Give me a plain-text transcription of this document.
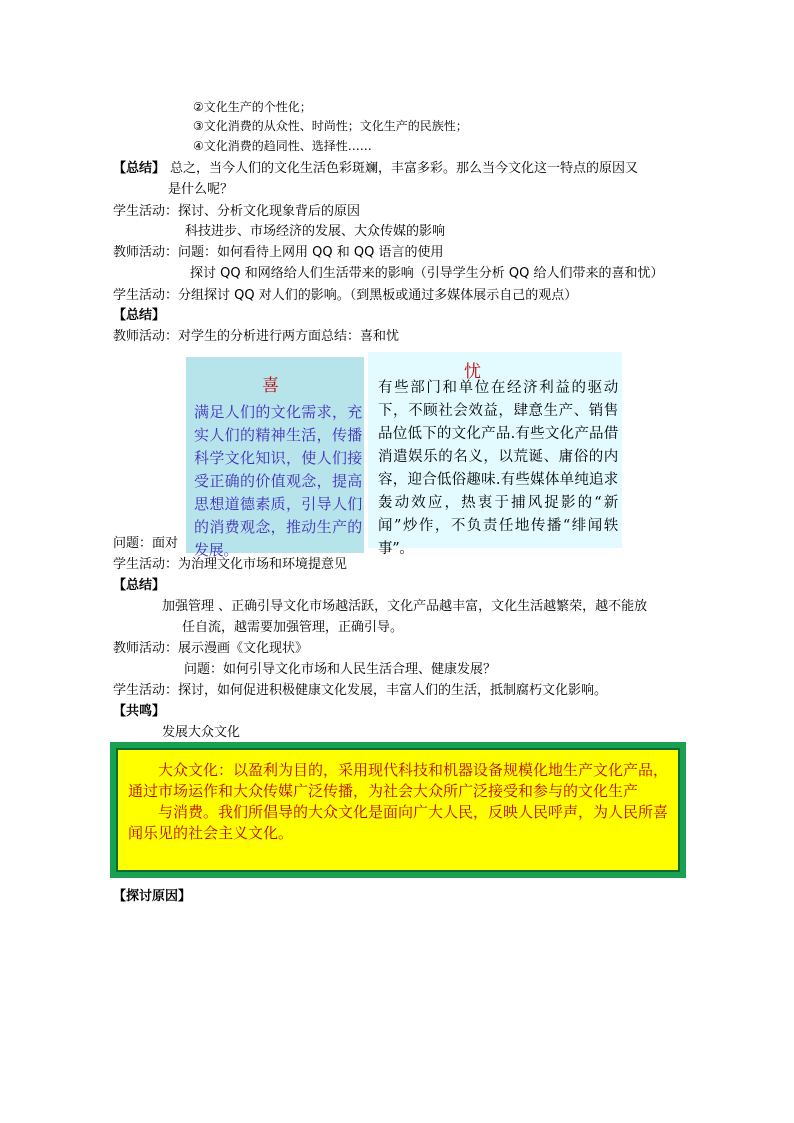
②文化生产的个性化；
③文化消费的从众性、时尚性；文化生产的民族性；
④文化消费的趋同性、选择性……
【总结】 总之，当今人们的文化生活色彩斑斓，丰富多彩。那么当今文化这一特点的原因又
是什么呢？
学生活动：探讨、分析文化现象背后的原因
科技进步、市场经济的发展、大众传媒的影响
教师活动：问题：如何看待上网用 QQ 和 QQ 语言的使用
探讨 QQ 和网络给人们生活带来的影响（引导学生分析 QQ 给人们带来的喜和忧）
学生活动：分组探讨 QQ 对人们的影响。（到黑板或通过多媒体展示自己的观点）
【总结】
教师活动：对学生的分析进行两方面总结：喜和忧
喜
满足人们的文化需求，充实人们的精神生活，传播科学文化知识，使人们接受正确的价值观念，提高思想道德素质，引导人们的消费观念，推动生产的发展。
忧
有些部门和单位在经济利益的驱动下，不顾社会效益，肆意生产、销售品位低下的文化产品.有些文化产品借消遣娱乐的名义，以荒诞、庸俗的内容，迎合低俗趣味.有些媒体单纯追求轰动效应，热衷于捕风捉影的“新闻”炒作，不负责任地传播“绯闻轶事”。
问题：面对
学生活动：为治理文化市场和环境提意见
【总结】
加强管理 、正确引导文化市场越活跃，文化产品越丰富，文化生活越繁荣，越不能放
任自流，越需要加强管理，正确引导。
教师活动：展示漫画《文化现状》
问题：如何引导文化市场和人民生活合理、健康发展？
学生活动：探讨，如何促进积极健康文化发展，丰富人们的生活，抵制腐朽文化影响。
【共鸣】
发展大众文化

大众文化：以盈利为目的，采用现代科技和机器设备规模化地生产文化产品，通过市场运作和大众传媒广泛传播，为社会大众所广泛接受和参与的文化生产

与消费。我们所倡导的大众文化是面向广大人民，反映人民呼声，为人民所喜闻乐见的社会主义文化。

【探讨原因】
